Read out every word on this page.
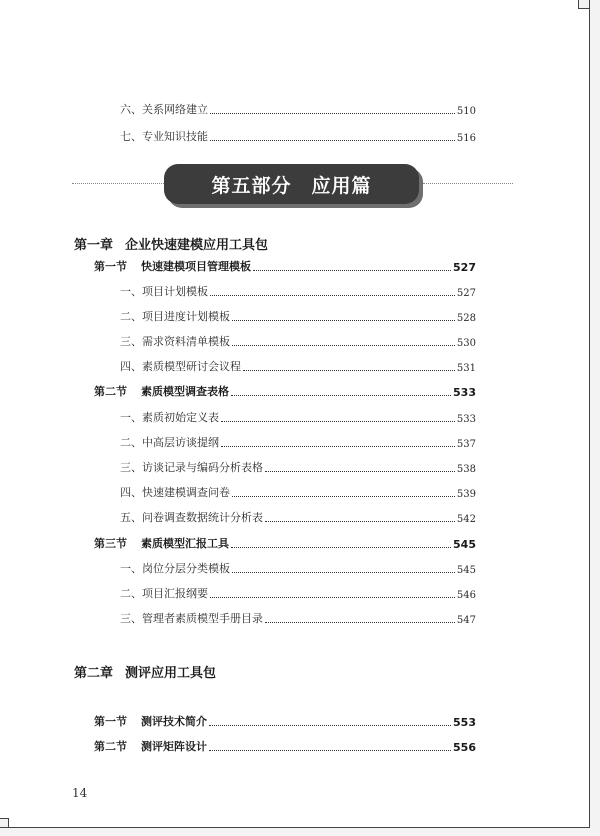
六、关系网络建立	510
七、专业知识技能	516
第五部分 应用篇
第一章 企业快速建模应用工具包
第一节 快速建模项目管理模板	527
一、项目计划模板	527
二、项目进度计划模板	528
三、需求资料清单模板	530
四、素质模型研讨会议程	531
第二节 素质模型调查表格	533
一、素质初始定义表	533
二、中高层访谈提纲	537
三、访谈记录与编码分析表格	538
四、快速建模调查问卷	539
五、问卷调查数据统计分析表	542
第三节 素质模型汇报工具	545
一、岗位分层分类模板	545
二、项目汇报纲要	546
三、管理者素质模型手册目录	547
第二章 测评应用工具包
第一节 测评技术简介	553
第二节 测评矩阵设计	556
14
